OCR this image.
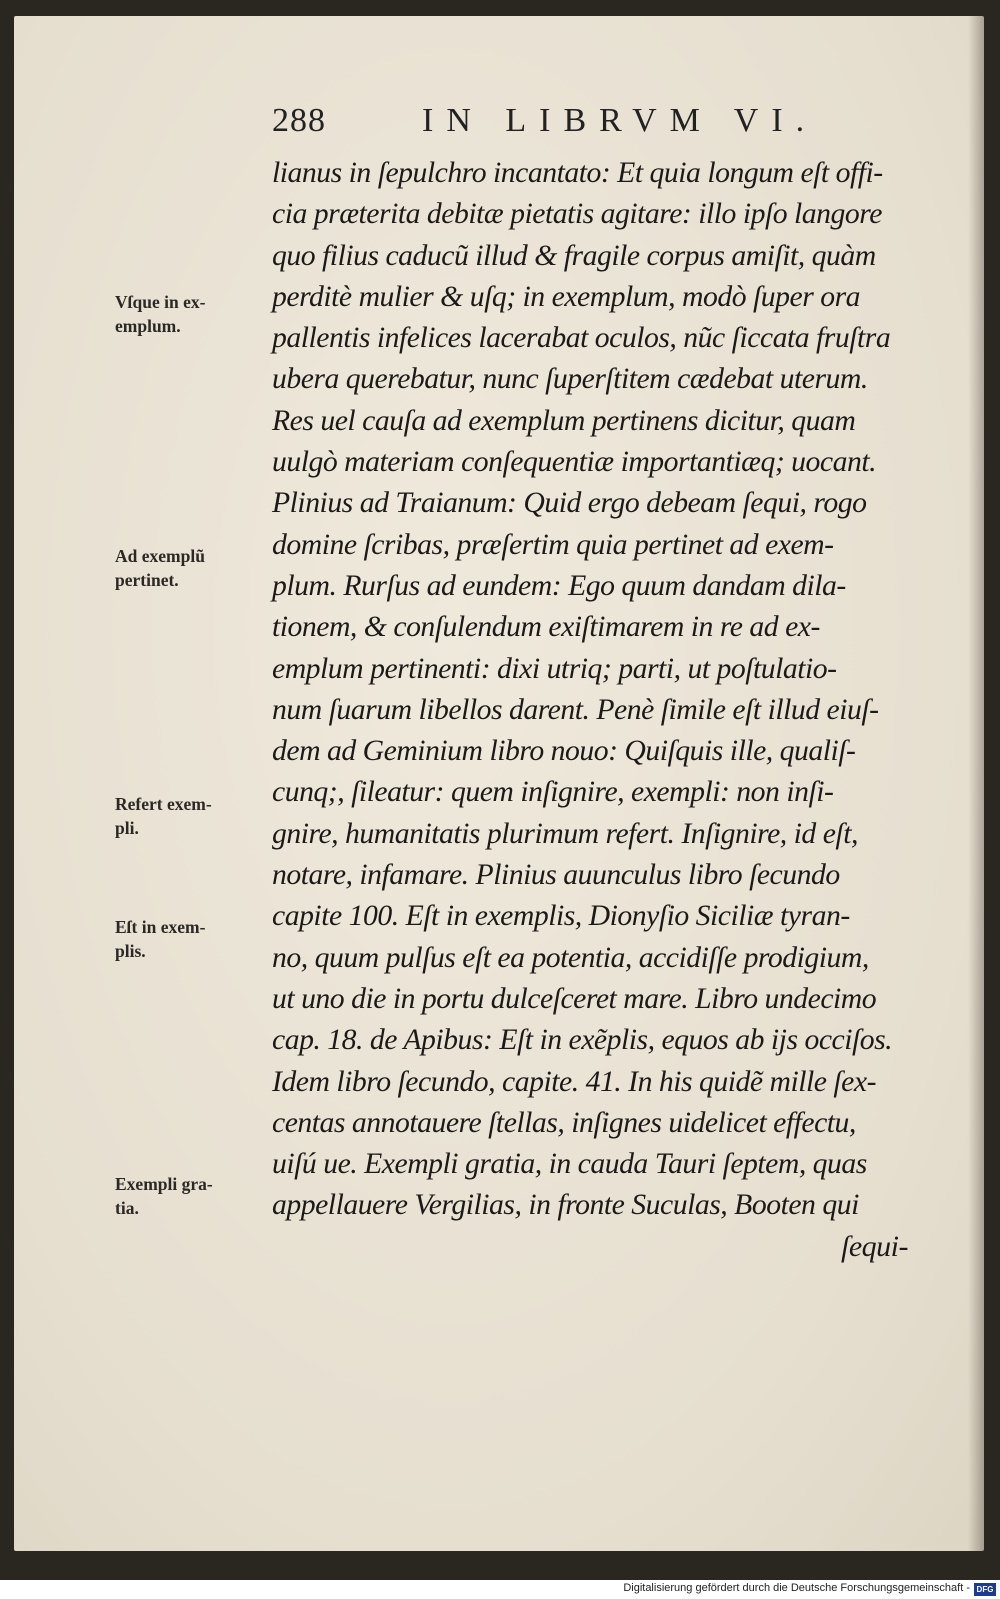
288	IN LIBRVM VI.
lianus in ſepulchro incantato: Et quia longum eſt offi-
cia præterita debitæ pietatis agitare: illo ipſo langore
quo filius caducũ illud & fragile corpus amiſit, quàm
perditè mulier & uſq; in exemplum, modò ſuper ora
pallentis infelices lacerabat oculos, nũc ſiccata fruſtra
ubera querebatur, nunc ſuperſtitem cædebat uterum.
Res uel cauſa ad exemplum pertinens dicitur, quam
uulgò materiam conſequentiæ importantiæq; uocant.
Plinius ad Traianum: Quid ergo debeam ſequi, rogo
domine ſcribas, præſertim quia pertinet ad exem-
plum. Rurſus ad eundem: Ego quum dandam dila-
tionem, & conſulendum exiſtimarem in re ad ex-
emplum pertinenti: dixi utriq; parti, ut poſtulatio-
num ſuarum libellos darent. Penè ſimile eſt illud eiuſ-
dem ad Geminium libro nouo: Quiſquis ille, qualiſ-
cunq;, ſileatur: quem inſignire, exempli: non inſi-
gnire, humanitatis plurimum refert. Inſignire, id eſt,
notare, infamare. Plinius auunculus libro ſecundo
capite 100. Eſt in exemplis, Dionyſio Siciliæ tyran-
no, quum pulſus eſt ea potentia, accidiſſe prodigium,
ut uno die in portu dulceſceret mare. Libro undecimo
cap. 18. de Apibus: Eſt in exẽplis, equos ab ijs occiſos.
Idem libro ſecundo, capite. 41. In his quidẽ mille ſex-
centas annotauere ſtellas, inſignes uidelicet effectu,
uiſú ue. Exempli gratia, in cauda Tauri ſeptem, quas
appellauere Vergilias, in fronte Suculas, Booten qui
ſequi-
Vſque in ex-
emplum.
Ad exemplũ
pertinet.
Refert exem-
pli.
Eſt in exem-
plis.
Exempli gra-
tia.
Digitalisierung gefördert durch die Deutsche Forschungsgemeinschaft - DFG
